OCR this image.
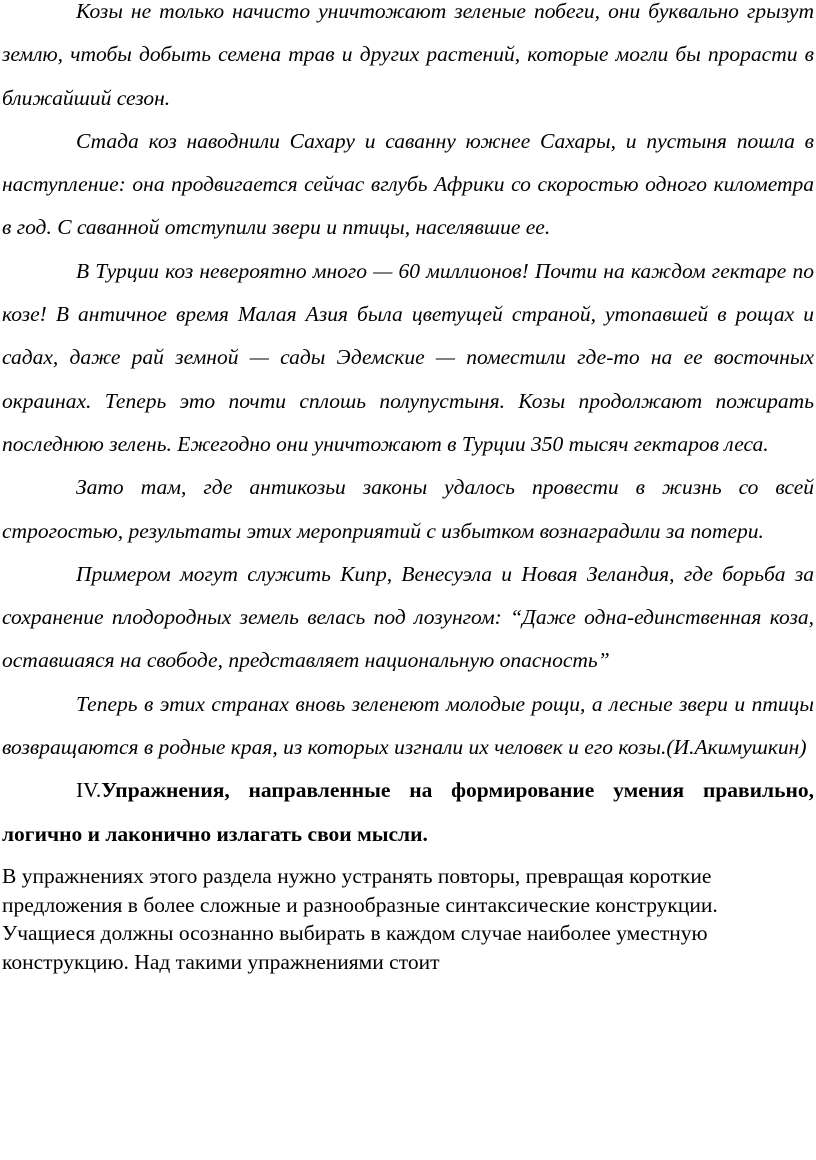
Козы не только начисто уничтожают зеленые побеги, они буквально грызут землю, чтобы добыть семена трав и других растений, которые могли бы прорасти в ближайший сезон.

Стада коз наводнили Сахару и саванну южнее Сахары, и пустыня пошла в наступление: она продвигается сейчас вглубь Африки со скоростью одного километра в год. С саванной отступили звери и птицы, населявшие ее.

В Турции коз невероятно много — 60 миллионов! Почти на каждом гектаре по козе! В античное время Малая Азия была цветущей страной, утопавшей в рощах и садах, даже рай земной — сады Эдемские — поместили где-то на ее восточных окраинах. Теперь это почти сплошь полупустыня. Козы продолжают пожирать последнюю зелень. Ежегодно они уничтожают в Турции 350 тысяч гектаров леса.

Зато там, где антикозьи законы удалось провести в жизнь со всей строгостью, результаты этих мероприятий с избытком вознаградили за потери.

Примером могут служить Кипр, Венесуэла и Новая Зеландия, где борьба за сохранение плодородных земель велась под лозунгом: “Даже одна-единственная коза, оставшаяся на свободе, представляет национальную опасность”

Теперь в этих странах вновь зеленеют молодые рощи, а лесные звери и птицы возвращаются в родные края, из которых изгнали их человек и его козы.(И.Акимушкин)

IV.Упражнения, направленные на формирование умения правильно, логично и лаконично излагать свои мысли.

В упражнениях этого раздела нужно устранять повторы, превращая короткие предложения в более сложные и разнообразные синтаксические конструкции. Учащиеся должны осознанно выбирать в каждом случае наиболее уместную конструкцию. Над такими упражнениями стоит
